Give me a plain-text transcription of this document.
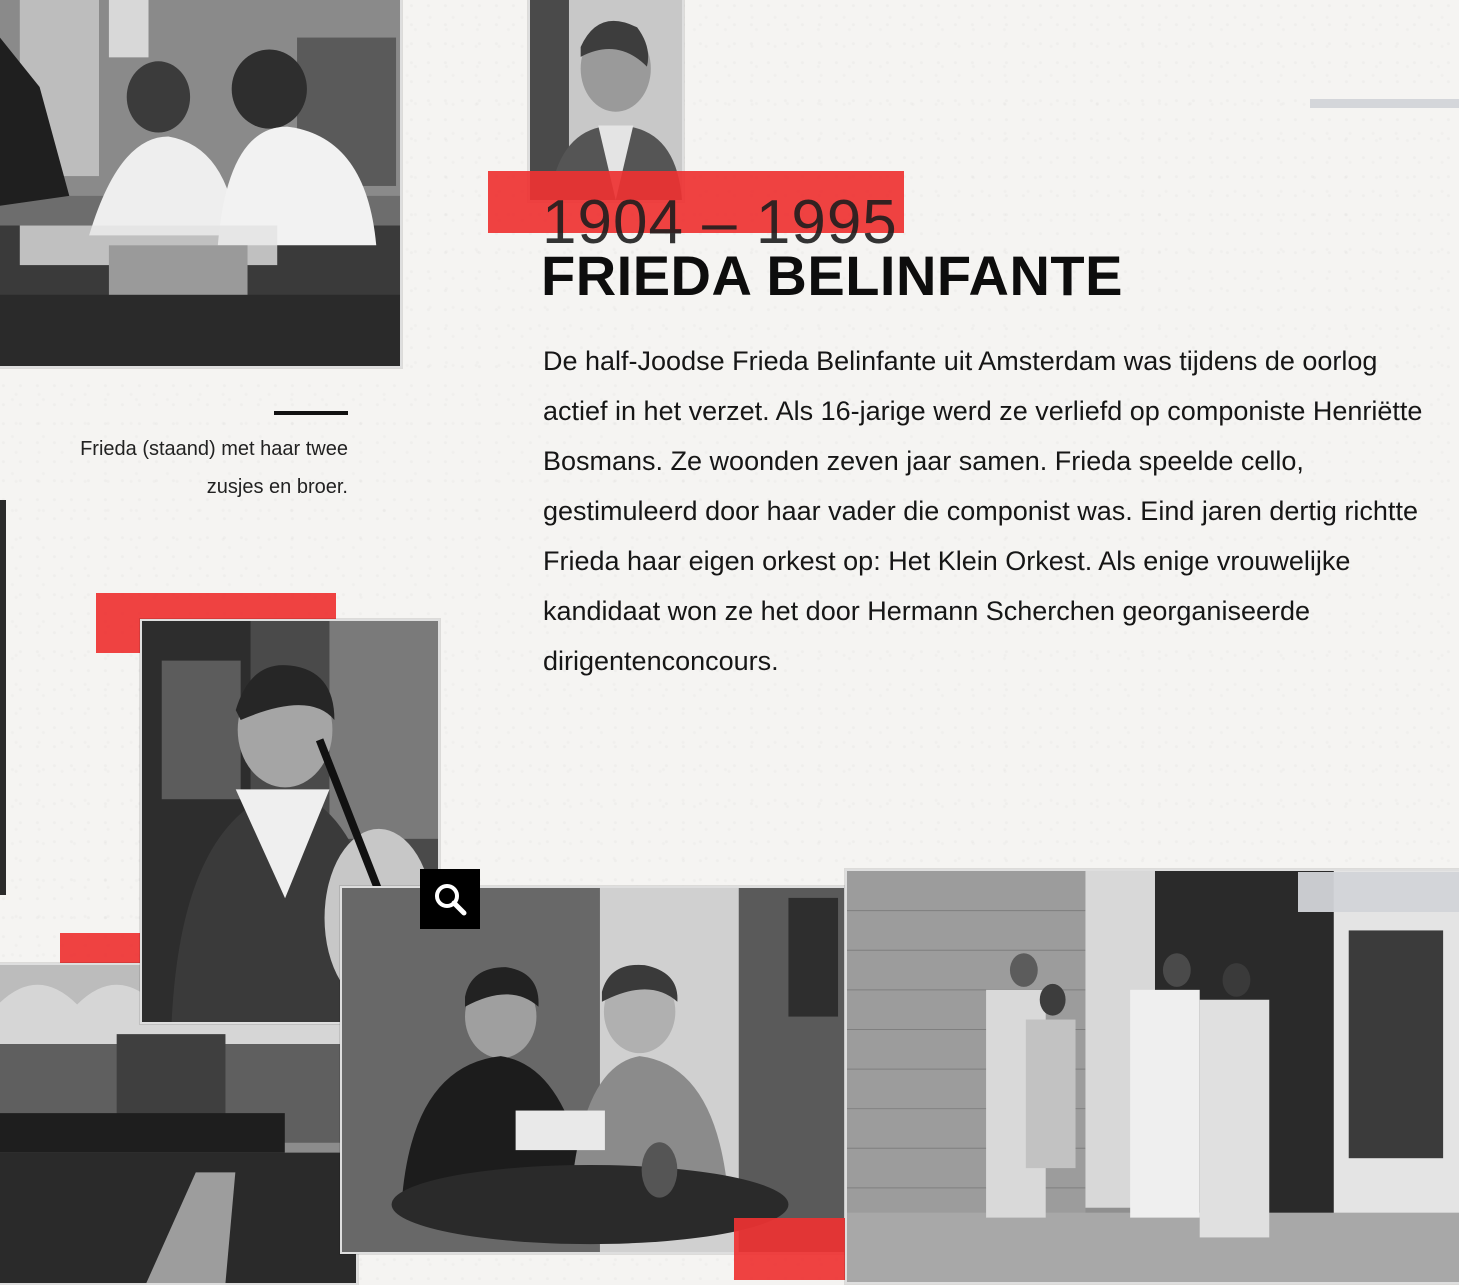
Frieda (staand) met haar twee zusjes en broer.
1904 – 1995
FRIEDA BELINFANTE

De half-Joodse Frieda Belinfante uit Amsterdam was tijdens de oorlog actief in het verzet. Als 16-jarige werd ze verliefd op componiste Henriëtte Bosmans. Ze woonden zeven jaar samen. Frieda speelde cello, gestimuleerd door haar vader die componist was. Eind jaren dertig richtte Frieda haar eigen orkest op: Het Klein Orkest. Als enige vrouwelijke kandidaat won ze het door Hermann Scherchen georganiseerde dirigentenconcours.
